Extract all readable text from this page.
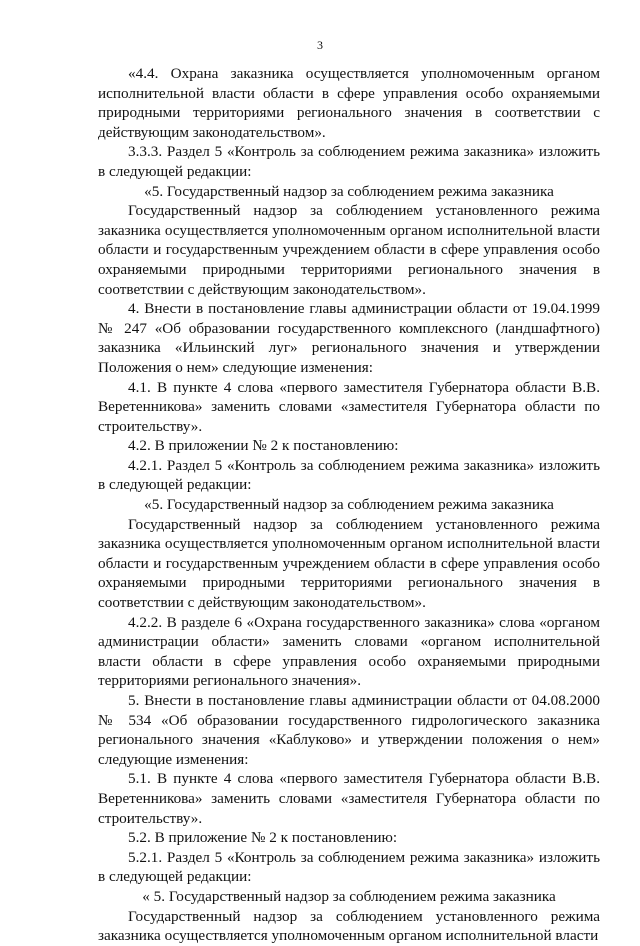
3

«4.4. Охрана заказника осуществляется уполномоченным органом исполнительной власти области в сфере управления особо охраняемыми природными территориями регионального значения в соответствии с действующим законодательством».

3.3.3. Раздел 5 «Контроль за соблюдением режима заказника» изложить в следующей редакции:

«5. Государственный надзор за соблюдением режима заказника

Государственный надзор за соблюдением установленного режима заказника осуществляется уполномоченным органом исполнительной власти области и государственным учреждением области в сфере управления особо охраняемыми природными территориями регионального значения в соответствии с действующим законодательством».

4. Внести в постановление главы администрации области от 19.04.1999 № 247 «Об образовании государственного комплексного (ландшафтного) заказника «Ильинский луг» регионального значения и утверждении Положения о нем» следующие изменения:

4.1. В пункте 4 слова «первого заместителя Губернатора области В.В. Веретенникова» заменить словами «заместителя Губернатора области по строительству».

4.2. В приложении № 2 к постановлению:

4.2.1. Раздел 5 «Контроль за соблюдением режима заказника» изложить в следующей редакции:

«5. Государственный надзор за соблюдением режима заказника

Государственный надзор за соблюдением установленного режима заказника осуществляется уполномоченным органом исполнительной власти области и государственным учреждением области в сфере управления особо охраняемыми природными территориями регионального значения в соответствии с действующим законодательством».

4.2.2. В разделе 6 «Охрана государственного заказника» слова «органом администрации области» заменить словами «органом исполнительной власти области в сфере управления особо охраняемыми природными территориями регионального значения».

5. Внести в постановление главы администрации области от 04.08.2000 № 534 «Об образовании государственного гидрологического заказника регионального значения «Каблуково» и утверждении положения о нем» следующие изменения:

5.1. В пункте 4 слова «первого заместителя Губернатора области В.В. Веретенникова» заменить словами «заместителя Губернатора области по строительству».

5.2. В приложение № 2 к постановлению:

5.2.1. Раздел 5 «Контроль за соблюдением режима заказника» изложить в следующей редакции:

« 5. Государственный надзор за соблюдением режима заказника

Государственный надзор за соблюдением установленного режима заказника осуществляется уполномоченным органом исполнительной власти
